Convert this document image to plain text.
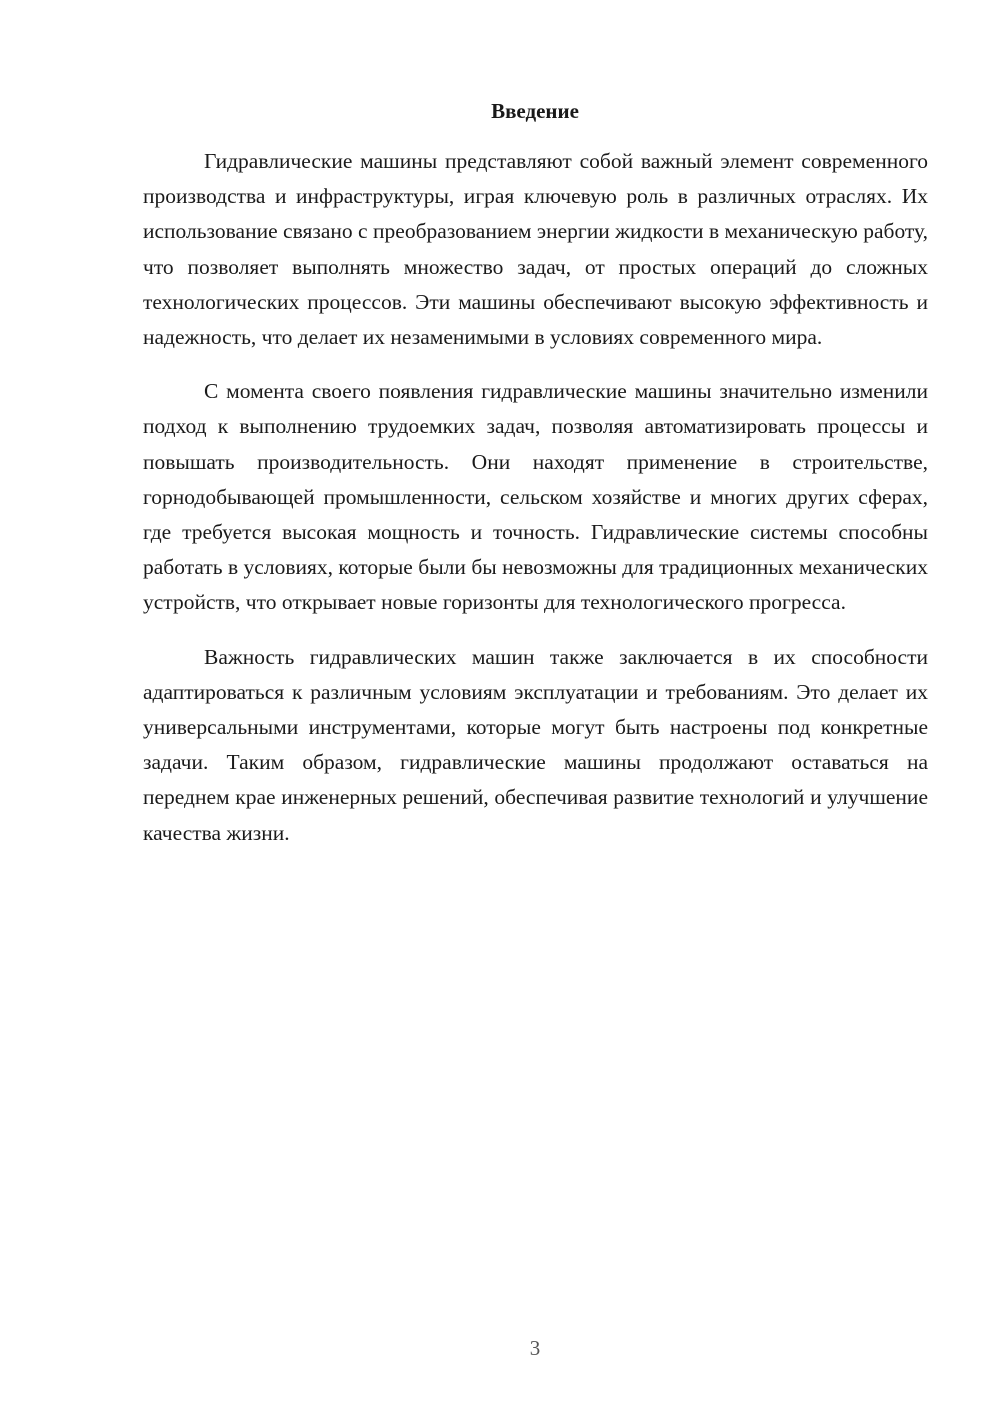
Введение

Гидравлические машины представляют собой важный элемент современного производства и инфраструктуры, играя ключевую роль в различных отраслях. Их использование связано с преобразованием энергии жидкости в механическую работу, что позволяет выполнять множество задач, от простых операций до сложных технологических процессов. Эти машины обеспечивают высокую эффективность и надежность, что делает их незаменимыми в условиях современного мира.

С момента своего появления гидравлические машины значительно изменили подход к выполнению трудоемких задач, позволяя автоматизировать процессы и повышать производительность. Они находят применение в строительстве, горнодобывающей промышленности, сельском хозяйстве и многих других сферах, где требуется высокая мощность и точность. Гидравлические системы способны работать в условиях, которые были бы невозможны для традиционных механических устройств, что открывает новые горизонты для технологического прогресса.

Важность гидравлических машин также заключается в их способности адаптироваться к различным условиям эксплуатации и требованиям. Это делает их универсальными инструментами, которые могут быть настроены под конкретные задачи. Таким образом, гидравлические машины продолжают оставаться на переднем крае инженерных решений, обеспечивая развитие технологий и улучшение качества жизни.

3
